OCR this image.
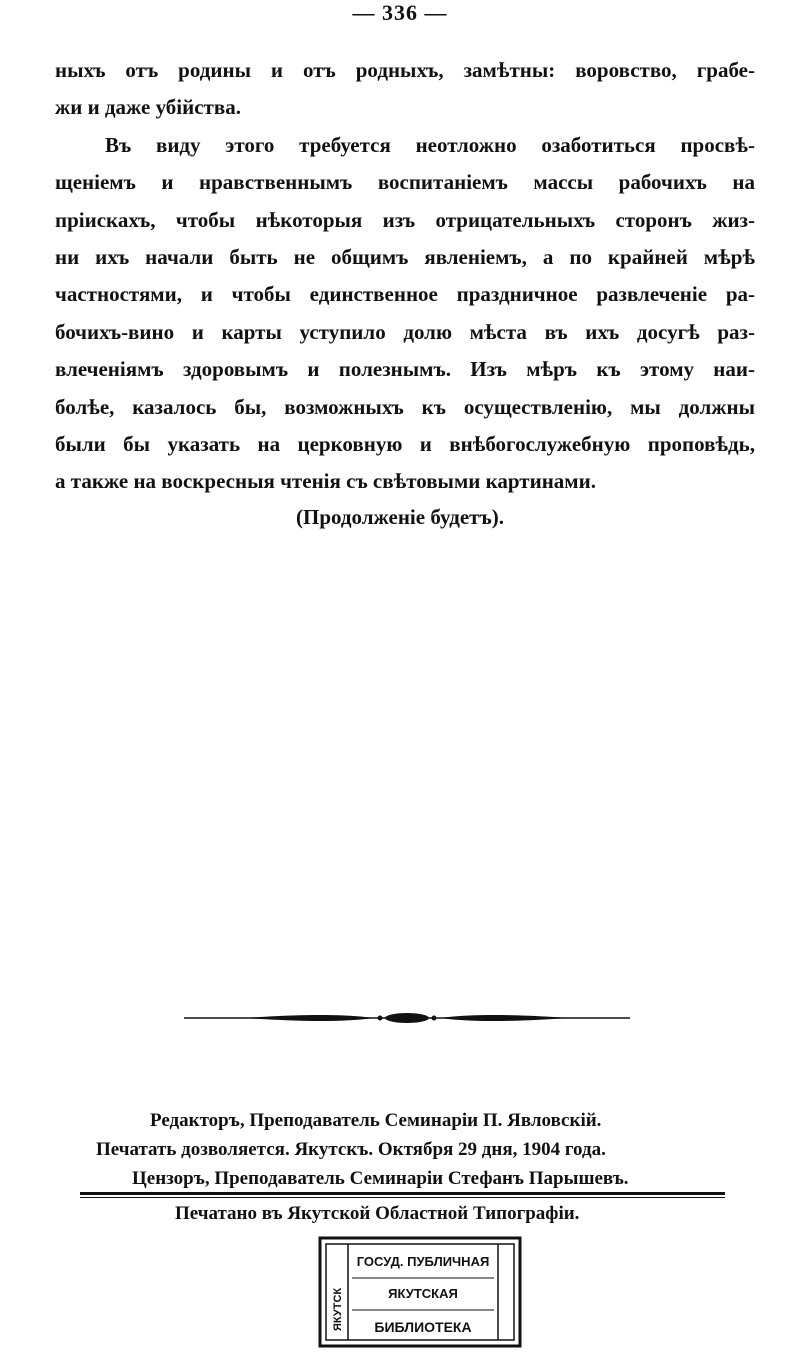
— 336 —
ныхъ отъ родины и отъ родныхъ, замѣтны: воровство, грабе-
жи и даже убійства.
Въ виду этого требуется неотложно озаботиться просвѣ-
щеніемъ и нравственнымъ воспитаніемъ массы рабочихъ на
пріискахъ, чтобы нѣкоторыя изъ отрицательныхъ сторонъ жиз-
ни ихъ начали быть не общимъ явленіемъ, а по крайней мѣрѣ
частностями, и чтобы единственное праздничное развлеченіе ра-
бочихъ-вино и карты уступило долю мѣста въ ихъ досугѣ раз-
влеченіямъ здоровымъ и полезнымъ. Изъ мѣръ къ этому наи-
болѣе, казалось бы, возможныхъ къ осуществленію, мы должны
были бы указать на церковную и внѣбогослужебную проповѣдь,
а также на воскресныя чтенія съ свѣтовыми картинами.
(Продолженіе будетъ).
Редакторъ, Преподаватель Семинаріи П. Явловскій.
Печатать дозволяется. Якутскъ. Октября 29 дня, 1904 года.
Цензоръ, Преподаватель Семинаріи Стефанъ Парышевъ.
Печатано въ Якутской Областной Типографіи.
ГОСУД. ПУБЛИЧНАЯ
ЯКУТСКАЯ
БИБЛИОТЕКА
ЯКУТСК
